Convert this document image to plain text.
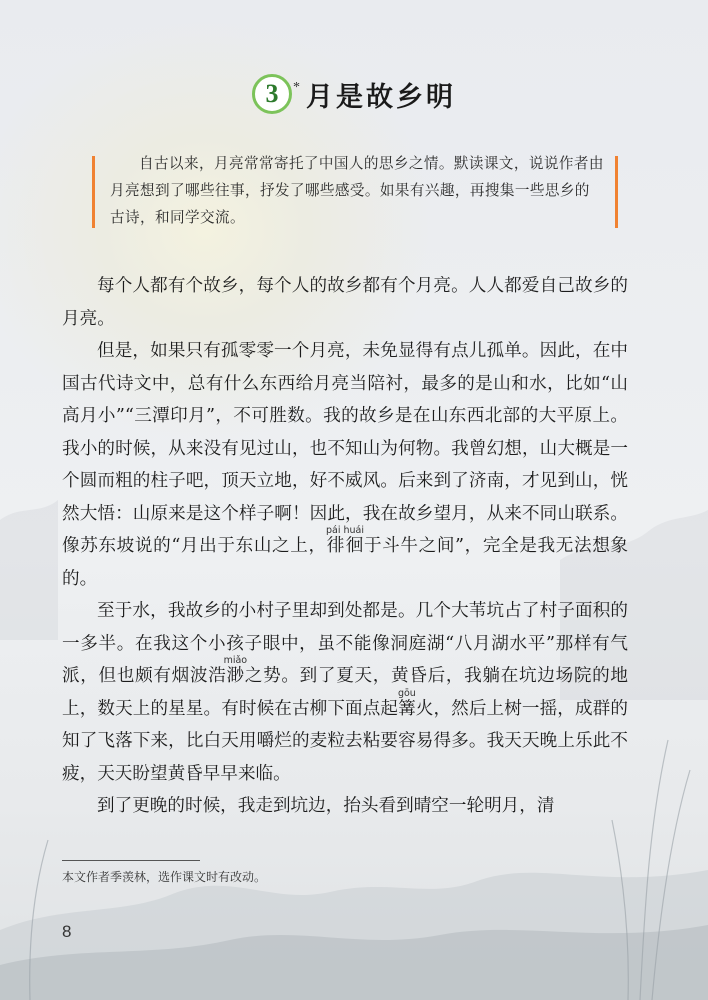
3 * 月是故乡明
自古以来，月亮常常寄托了中国人的思乡之情。默读课文，说说作者由月亮想到了哪些往事，抒发了哪些感受。如果有兴趣，再搜集一些思乡的古诗，和同学交流。

每个人都有个故乡，每个人的故乡都有个月亮。人人都爱自己故乡的月亮。

但是，如果只有孤零零一个月亮，未免显得有点儿孤单。因此，在中国古代诗文中，总有什么东西给月亮当陪衬，最多的是山和水，比如“山高月小”“三潭印月”，不可胜数。我的故乡是在山东西北部的大平原上。我小的时候，从来没有见过山，也不知山为何物。我曾幻想，山大概是一个圆而粗的柱子吧，顶天立地，好不威风。后来到了济南，才见到山，恍然大悟：山原来是这个样子啊！因此，我在故乡望月，从来不同山联系。像苏东坡说的“月出于东山之上，徘徊pái huái于斗牛之间”，完全是我无法想象的。

至于水，我故乡的小村子里却到处都是。几个大苇坑占了村子面积的一多半。在我这个小孩子眼中，虽不能像洞庭湖“八月湖水平”那样有气派，但也颇有烟波浩渺miǎo之势。到了夏天，黄昏后，我躺在坑边场院的地上，数天上的星星。有时候在古柳下面点起篝gōu火，然后上树一摇，成群的知了飞落下来，比白天用嚼烂的麦粒去粘要容易得多。我天天晚上乐此不疲，天天盼望黄昏早早来临。

到了更晚的时候，我走到坑边，抬头看到晴空一轮明月，清

本文作者季羡林，选作课文时有改动。
8
